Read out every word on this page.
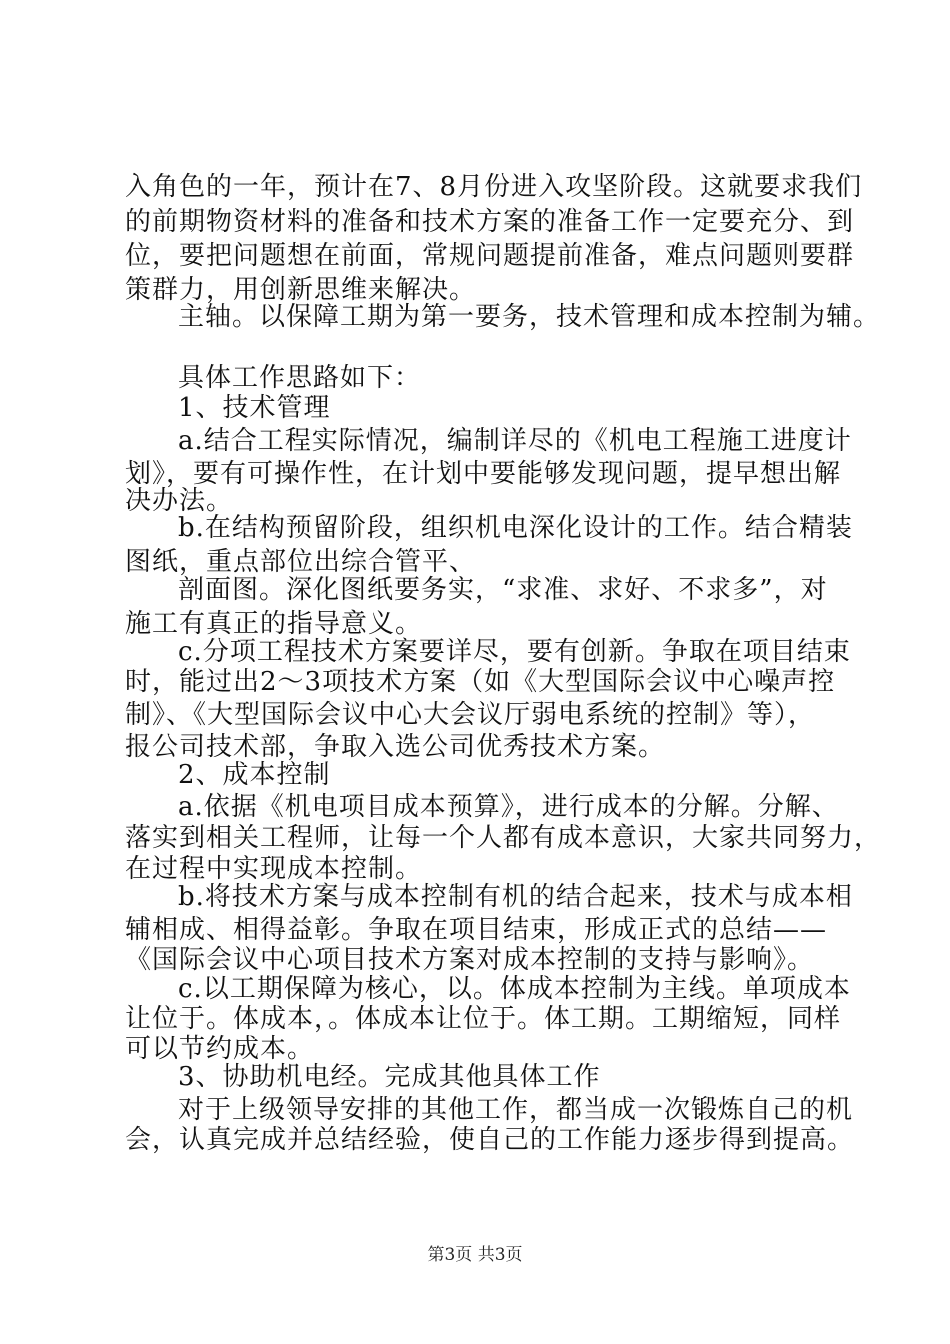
入角色的一年，预计在7、8月份进入攻坚阶段。这就要求我们
的前期物资材料的准备和技术方案的准备工作一定要充分、到
位，要把问题想在前面，常规问题提前准备，难点问题则要群
策群力，用创新思维来解决。
主轴。以保障工期为第一要务，技术管理和成本控制为辅。
具体工作思路如下：
1、技术管理
a.结合工程实际情况，编制详尽的《机电工程施工进度计
划》，要有可操作性，在计划中要能够发现问题，提早想出解
决办法。
b.在结构预留阶段，组织机电深化设计的工作。结合精装
图纸，重点部位出综合管平、
剖面图。深化图纸要务实，“求准、求好、不求多”，对
施工有真正的指导意义。
c.分项工程技术方案要详尽，要有创新。争取在项目结束
时，能过出2～3项技术方案（如《大型国际会议中心噪声控
制》、《大型国际会议中心大会议厅弱电系统的控制》等），
报公司技术部，争取入选公司优秀技术方案。
2、成本控制
a.依据《机电项目成本预算》，进行成本的分解。分解、
落实到相关工程师，让每一个人都有成本意识，大家共同努力，
在过程中实现成本控制。
b.将技术方案与成本控制有机的结合起来，技术与成本相
辅相成、相得益彰。争取在项目结束，形成正式的总结——
《国际会议中心项目技术方案对成本控制的支持与影响》。
c.以工期保障为核心，以。体成本控制为主线。单项成本
让位于。体成本，。体成本让位于。体工期。工期缩短，同样
可以节约成本。
3、协助机电经。完成其他具体工作
对于上级领导安排的其他工作，都当成一次锻炼自己的机
会，认真完成并总结经验，使自己的工作能力逐步得到提高。
第3页 共3页
